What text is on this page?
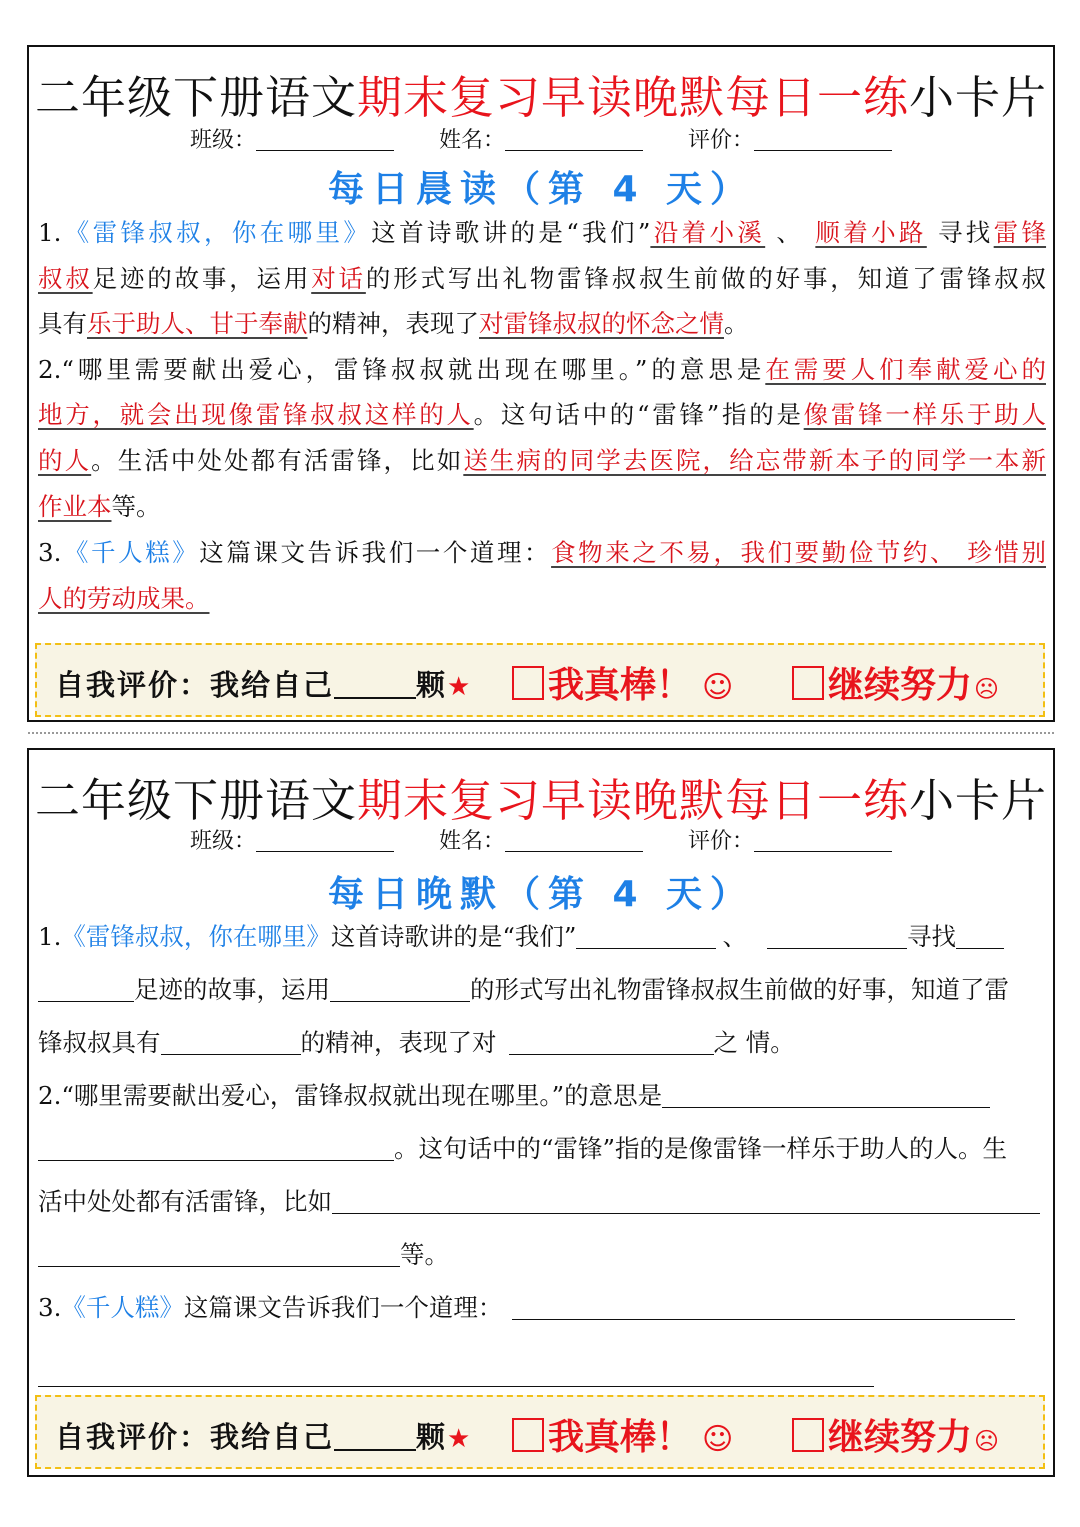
二年级下册语文期末复习早读晚默每日一练小卡片
班级：	姓名：	评价：
每日晨读（第 4 天）
1.《雷锋叔叔，你在哪里》这首诗歌讲的是“我们”沿着小溪 、 顺着小路 寻找雷锋
叔叔足迹的故事，运用对话的形式写出礼物雷锋叔叔生前做的好事，知道了雷锋叔叔
具有乐于助人、甘于奉献的精神，表现了对雷锋叔叔的怀念之情。
2.“哪里需要献出爱心，雷锋叔叔就出现在哪里。”的意思是在需要人们奉献爱心的
地方，就会出现像雷锋叔叔这样的人。这句话中的“雷锋”指的是像雷锋一样乐于助人
的人。生活中处处都有活雷锋，比如送生病的同学去医院，给忘带新本子的同学一本新
作业本等。
3.《千人糕》这篇课文告诉我们一个道理：食物来之不易，我们要勤俭节约、 珍惜别
人的劳动成果。
自我评价：我给自己	颗★	我真棒！ ☺	继续努力☹
二年级下册语文期末复习早读晚默每日一练小卡片
班级：	姓名：	评价：
每日晚默（第 4 天）
1.《雷锋叔叔，你在哪里》这首诗歌讲的是“我们”	、	寻找
足迹的故事，运用	的形式写出礼物雷锋叔叔生前做的好事，知道了雷
锋叔叔具有	的精神，表现了对	之 情。
2.“哪里需要献出爱心，雷锋叔叔就出现在哪里。”的意思是
。这句话中的“雷锋”指的是像雷锋一样乐于助人的人。生
活中处处都有活雷锋，比如
等。
3.《千人糕》这篇课文告诉我们一个道理：
自我评价：我给自己	颗★	我真棒！ ☺	继续努力☹
